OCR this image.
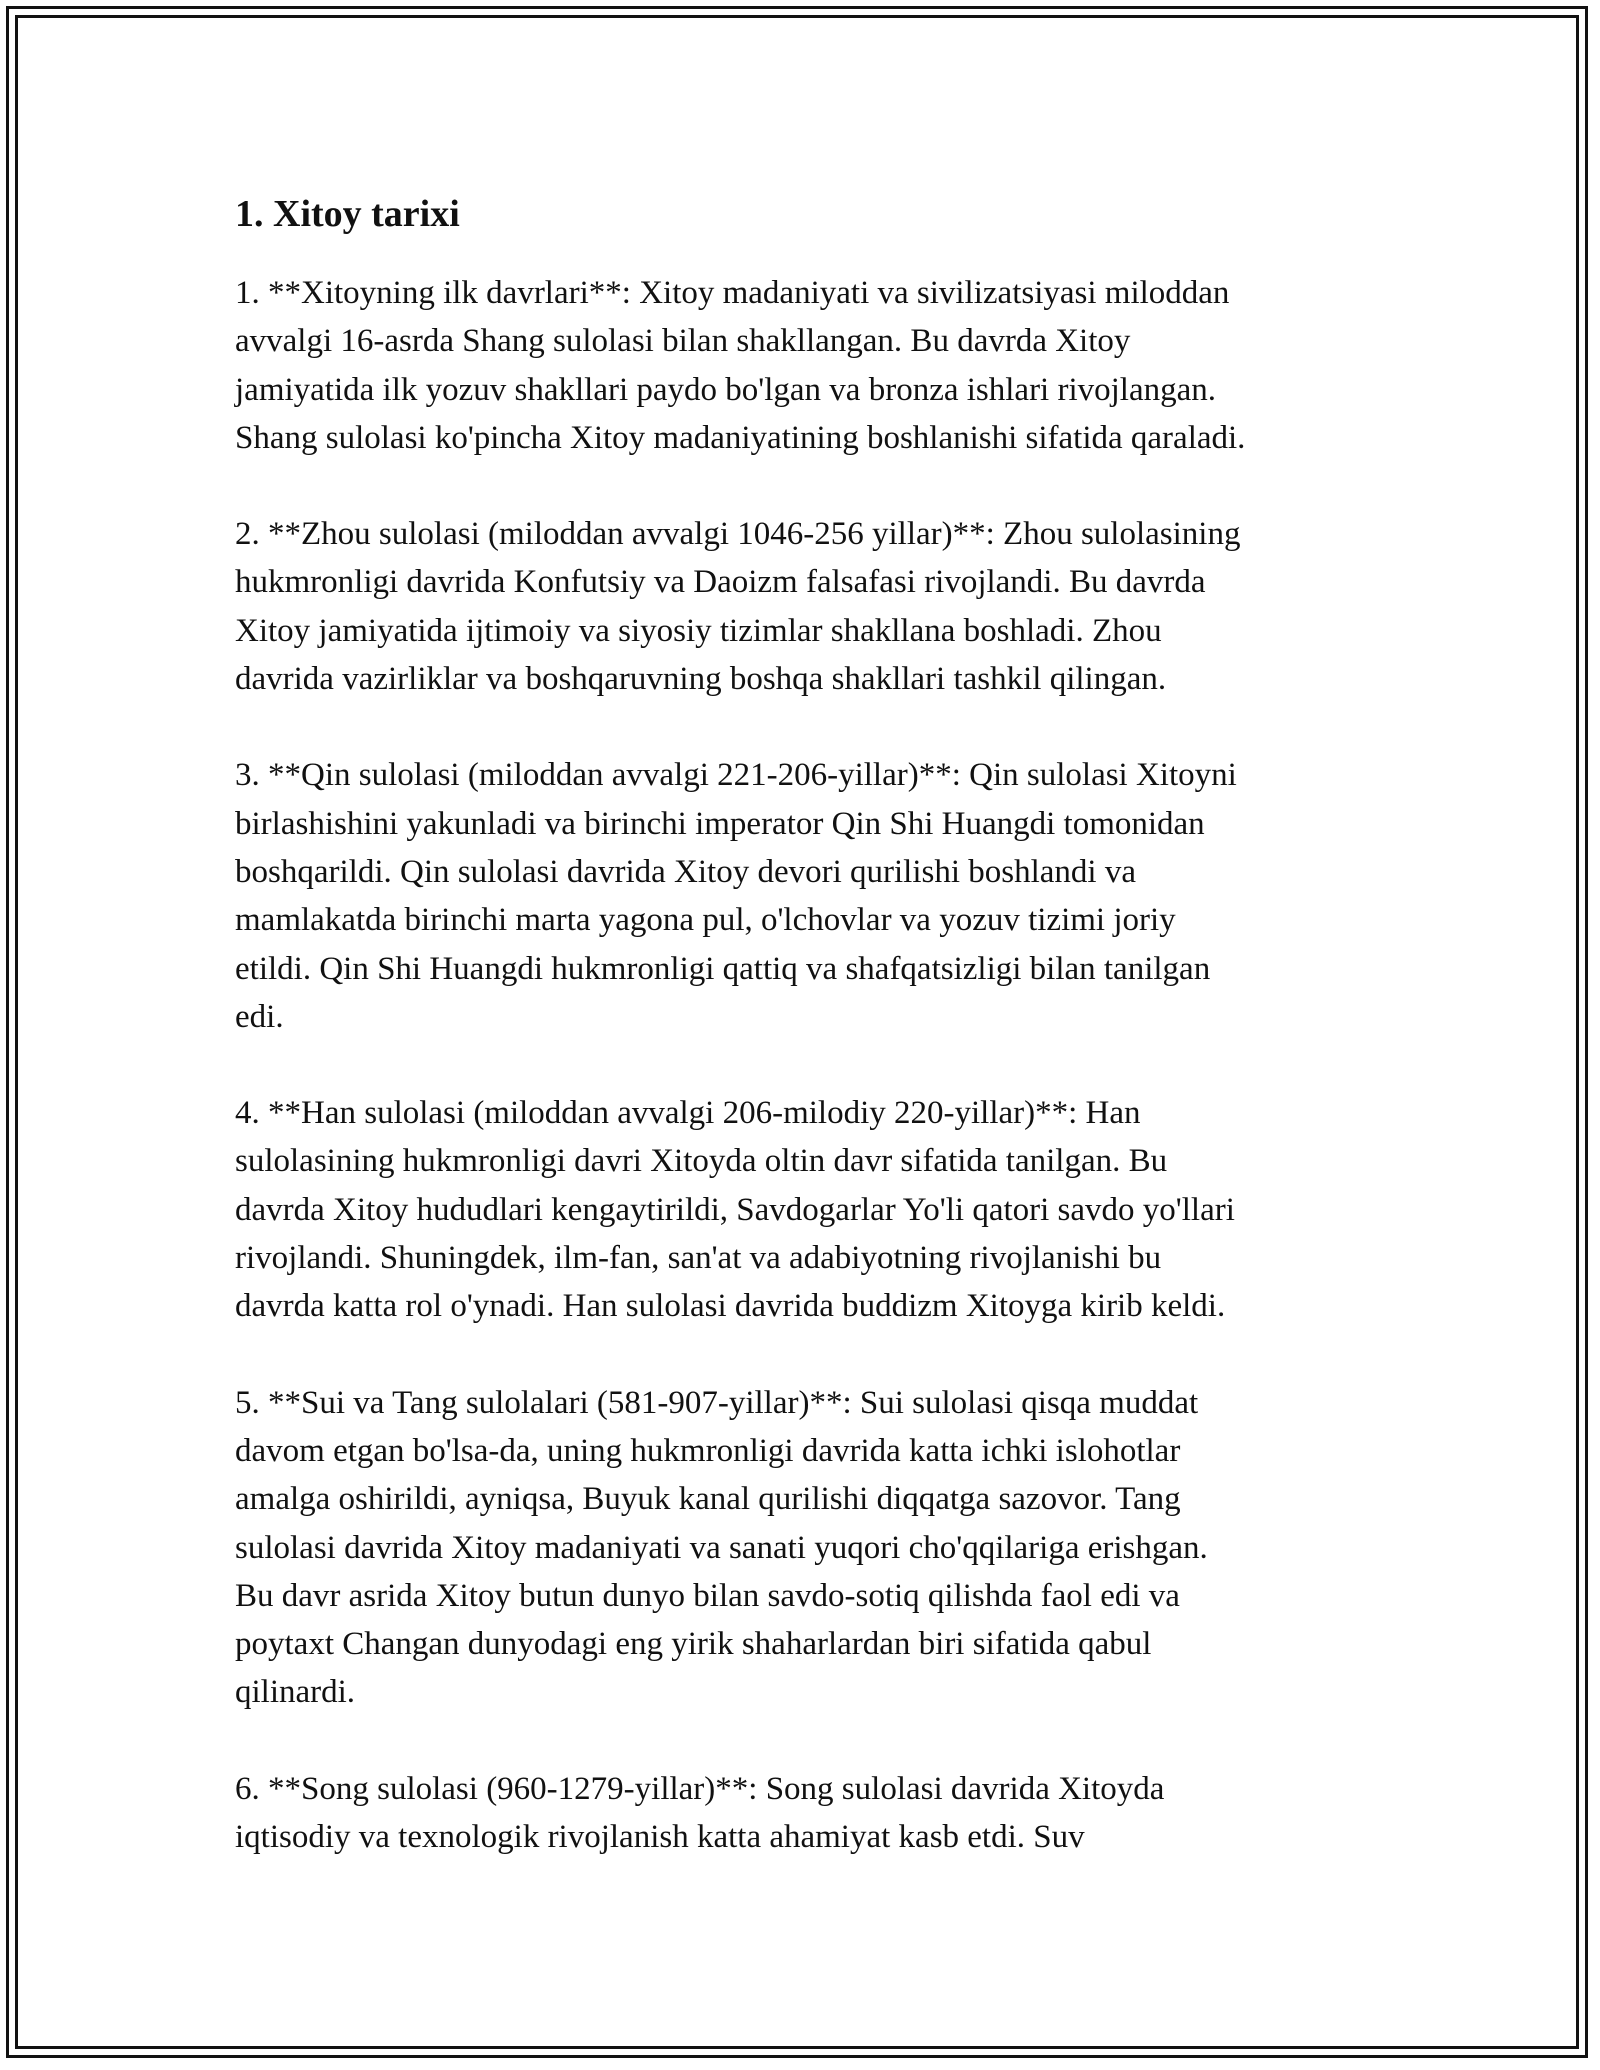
1. Xitoy tarixi

1. **Xitoyning ilk davrlari**: Xitoy madaniyati va sivilizatsiyasi miloddan
avvalgi 16-asrda Shang sulolasi bilan shakllangan. Bu davrda Xitoy
jamiyatida ilk yozuv shakllari paydo bo'lgan va bronza ishlari rivojlangan.
Shang sulolasi ko'pincha Xitoy madaniyatining boshlanishi sifatida qaraladi.

2. **Zhou sulolasi (miloddan avvalgi 1046-256 yillar)**: Zhou sulolasining
hukmronligi davrida Konfutsiy va Daoizm falsafasi rivojlandi. Bu davrda
Xitoy jamiyatida ijtimoiy va siyosiy tizimlar shakllana boshladi. Zhou
davrida vazirliklar va boshqaruvning boshqa shakllari tashkil qilingan.

3. **Qin sulolasi (miloddan avvalgi 221-206-yillar)**: Qin sulolasi Xitoyni
birlashishini yakunladi va birinchi imperator Qin Shi Huangdi tomonidan
boshqarildi. Qin sulolasi davrida Xitoy devori qurilishi boshlandi va
mamlakatda birinchi marta yagona pul, o'lchovlar va yozuv tizimi joriy
etildi. Qin Shi Huangdi hukmronligi qattiq va shafqatsizligi bilan tanilgan
edi.

4. **Han sulolasi (miloddan avvalgi 206-milodiy 220-yillar)**: Han
sulolasining hukmronligi davri Xitoyda oltin davr sifatida tanilgan. Bu
davrda Xitoy hududlari kengaytirildi, Savdogarlar Yo'li qatori savdo yo'llari
rivojlandi. Shuningdek, ilm-fan, san'at va adabiyotning rivojlanishi bu
davrda katta rol o'ynadi. Han sulolasi davrida buddizm Xitoyga kirib keldi.

5. **Sui va Tang sulolalari (581-907-yillar)**: Sui sulolasi qisqa muddat
davom etgan bo'lsa-da, uning hukmronligi davrida katta ichki islohotlar
amalga oshirildi, ayniqsa, Buyuk kanal qurilishi diqqatga sazovor. Tang
sulolasi davrida Xitoy madaniyati va sanati yuqori cho'qqilariga erishgan.
Bu davr asrida Xitoy butun dunyo bilan savdo-sotiq qilishda faol edi va
poytaxt Changan dunyodagi eng yirik shaharlardan biri sifatida qabul
qilinardi.

6. **Song sulolasi (960-1279-yillar)**: Song sulolasi davrida Xitoyda
iqtisodiy va texnologik rivojlanish katta ahamiyat kasb etdi. Suv
